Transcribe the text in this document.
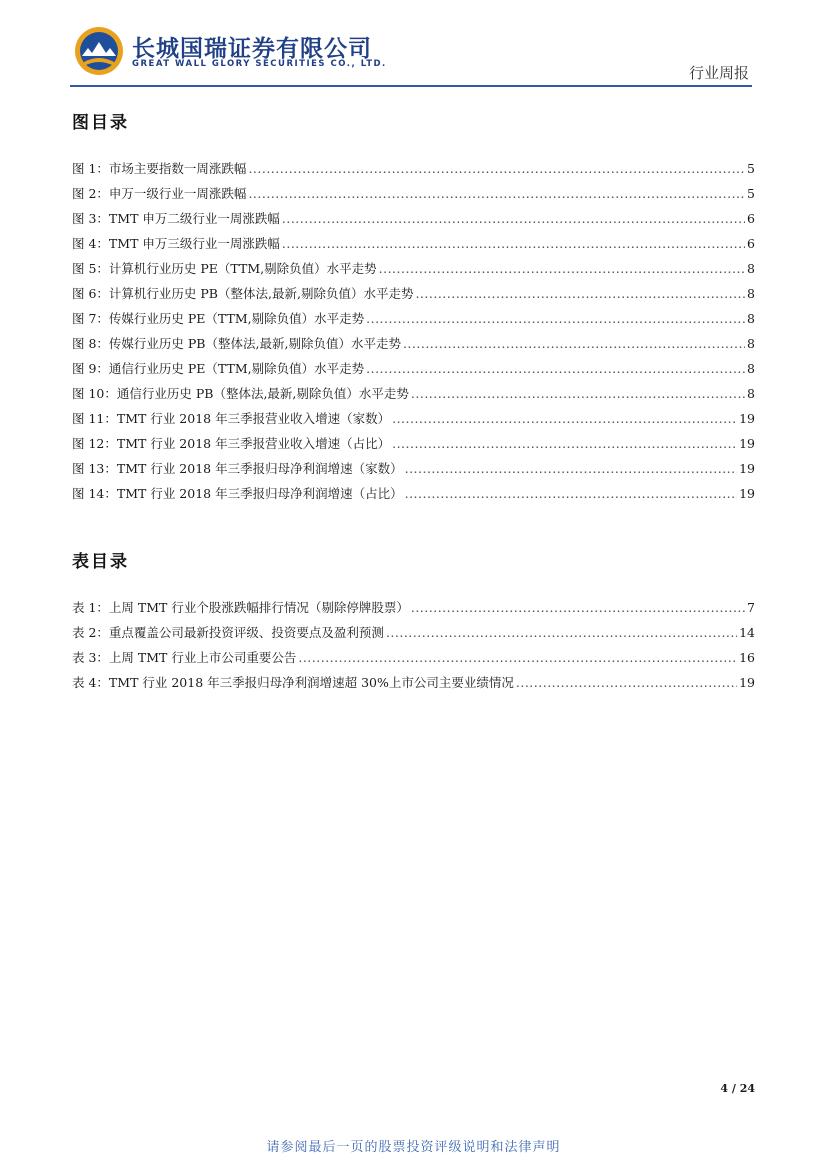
长城国瑞证券有限公司
GREAT WALL GLORY SECURITIES CO., LTD.	行业周报
图目录
图 1：市场主要指数一周涨跌幅 .....	5
图 2：申万一级行业一周涨跌幅 .....	5
图 3：TMT 申万二级行业一周涨跌幅 .....	6
图 4：TMT 申万三级行业一周涨跌幅 .....	6
图 5：计算机行业历史 PE（TTM,剔除负值）水平走势 .....	8
图 6：计算机行业历史 PB（整体法,最新,剔除负值）水平走势 .....	8
图 7：传媒行业历史 PE（TTM,剔除负值）水平走势 .....	8
图 8：传媒行业历史 PB（整体法,最新,剔除负值）水平走势 .....	8
图 9：通信行业历史 PE（TTM,剔除负值）水平走势 .....	8
图 10：通信行业历史 PB（整体法,最新,剔除负值）水平走势 .....	8
图 11：TMT 行业 2018 年三季报营业收入增速（家数） .....	19
图 12：TMT 行业 2018 年三季报营业收入增速（占比） .....	19
图 13：TMT 行业 2018 年三季报归母净利润增速（家数） .....	19
图 14：TMT 行业 2018 年三季报归母净利润增速（占比） .....	19
表目录
表 1：上周 TMT 行业个股涨跌幅排行情况（剔除停牌股票） .....	7
表 2：重点覆盖公司最新投资评级、投资要点及盈利预测 .....	14
表 3：上周 TMT 行业上市公司重要公告 .....	16
表 4：TMT 行业 2018 年三季报归母净利润增速超 30%上市公司主要业绩情况 .....	19
4 / 24
请参阅最后一页的股票投资评级说明和法律声明
